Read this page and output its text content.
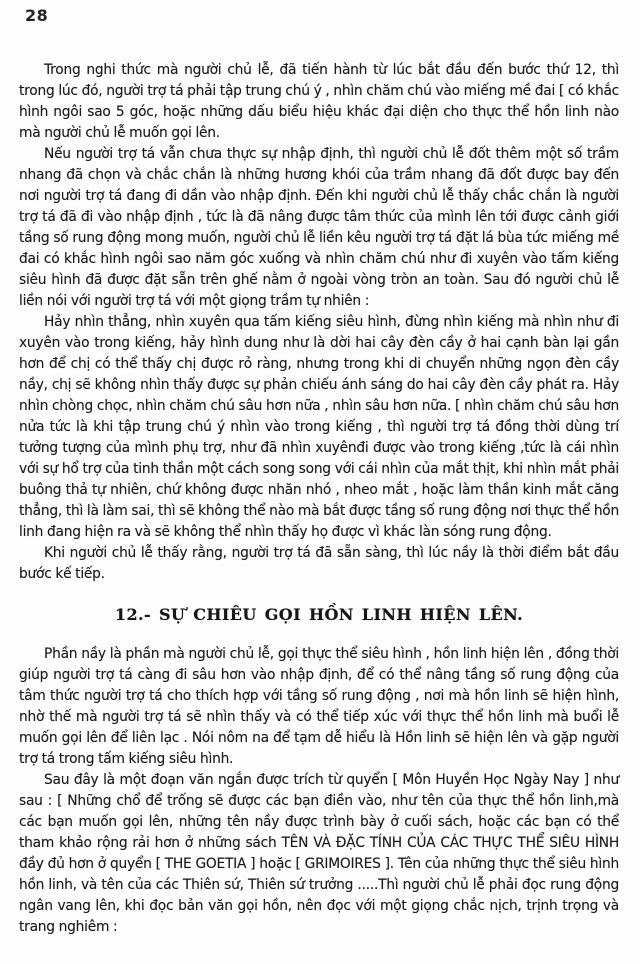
28

Trong nghi thức mà người chủ lễ, đã tiến hành từ lúc bắt đầu đến bước thứ 12, thì trong lúc đó, người trợ tá phải tập trung chú ý , nhìn chăm chú vào miếng mề đai [ có khắc hình ngôi sao 5 góc, hoặc những dấu biểu hiệu khác đại diện cho thực thể hồn linh nào mà người chủ lễ muốn gọi lên.

Nếu người trợ tá vẫn chưa thực sự nhập định, thì người chủ lễ đốt thêm một số trầm nhang đã chọn và chắc chắn là những hương khói của trầm nhang đã đốt được bay đến nơi người trợ tá đang đi dần vào nhập định. Đến khi người chủ lễ thấy chắc chắn là người trợ tá đã đi vào nhập định , tức là đã nâng được tâm thức của mình lên tới được cảnh giới tầng số rung động mong muốn, người chủ lễ liền kêu người trợ tá đặt lá bùa tức miếng mề đai có khắc hình ngôi sao năm góc xuống và nhìn chăm chú như đi xuyên vào tấm kiếng siêu hình đã được đặt sẵn trên ghế nằm ở ngoài vòng tròn an toàn. Sau đó người chủ lễ liền nói với người trợ tá với một giọng trầm tự nhiên :

Hảy nhìn thẳng, nhìn xuyên qua tấm kiếng siêu hình, đừng nhìn kiếng mà nhìn như đi xuyên vào trong kiếng, hảy hình dung như là dời hai cây đèn cầy ở hai cạnh bàn lại gần hơn để chị có thể thấy chị được rỏ ràng, nhưng trong khi di chuyển những ngọn đèn cầy nầy, chị sẽ không nhìn thấy được sự phản chiếu ánh sáng do hai cây đèn cầy phát ra. Hảy nhìn chòng chọc, nhìn chăm chú sâu hơn nữa , nhìn sâu hơn nữa. [ nhìn chăm chú sâu hơn nửa tức là khi tập trung chú ý nhìn vào trong kiếng , thì người trợ tá đồng thời dùng trí tưởng tượng của mình phụ trợ, như đã nhìn xuyênđi được vào trong kiếng ,tức là cái nhìn với sự hổ trợ của tinh thần một cách song song với cái nhìn của mắt thịt, khi nhìn mắt phải buông thả tự nhiên, chứ không được nhăn nhó , nheo mắt , hoặc làm thần kinh mắt căng thẳng, thì là làm sai, thì sẽ không thể nào mà bắt được tầng số rung động nơi thực thể hồn linh đang hiện ra và sẽ không thể nhìn thấy họ được vì khác làn sóng rung động.

Khi người chủ lễ thấy rằng, người trợ tá đã sẵn sàng, thì lúc nầy là thời điểm bắt đầu bước kế tiếp.

12.- SỰ CHIÊU GỌI HỒN LINH HIỆN LÊN.

Phần nầy là phần mà người chủ lễ, gọi thực thể siêu hình , hồn linh hiện lên , đồng thời giúp người trợ tá càng đi sâu hơn vào nhập định, để có thể nâng tầng số rung động của tâm thức người trợ tá cho thích hợp với tầng số rung động , nơi mà hồn linh sẽ hiện hình, nhờ thế mà người trợ tá sẽ nhìn thấy và có thể tiếp xúc với thực thể hồn linh mà buổi lễ muốn gọi lên để liên lạc . Nói nôm na để tạm dễ hiểu là Hồn linh sẽ hiện lên và gặp người trợ tá trong tấm kiếng siêu hình.

Sau đây là một đoạn văn ngắn được trích từ quyển [ Môn Huyền Học Ngày Nay ] như sau : [ Những chổ để trống sẽ được các bạn điền vào, như tên của thực thể hồn linh,mà các bạn muốn gọi lên, những tên nầy được trình bày ở cuối sách, hoặc các bạn có thể tham khảo rộng rải hơn ở những sách TÊN VÀ ĐẶC TÍNH CỦA CÁC THỰC THỂ SIÊU HÌNH đầy đủ hơn ở quyển [ THE GOETIA ] hoặc [ GRIMOIRES ]. Tên của những thực thể siêu hình hồn linh, và tên của các Thiên sứ, Thiên sứ trưởng .....Thì người chủ lễ phải đọc rung động ngân vang lên, khi đọc bản văn gọi hồn, nên đọc với một giọng chắc nịch, trịnh trọng và trang nghiêm :
